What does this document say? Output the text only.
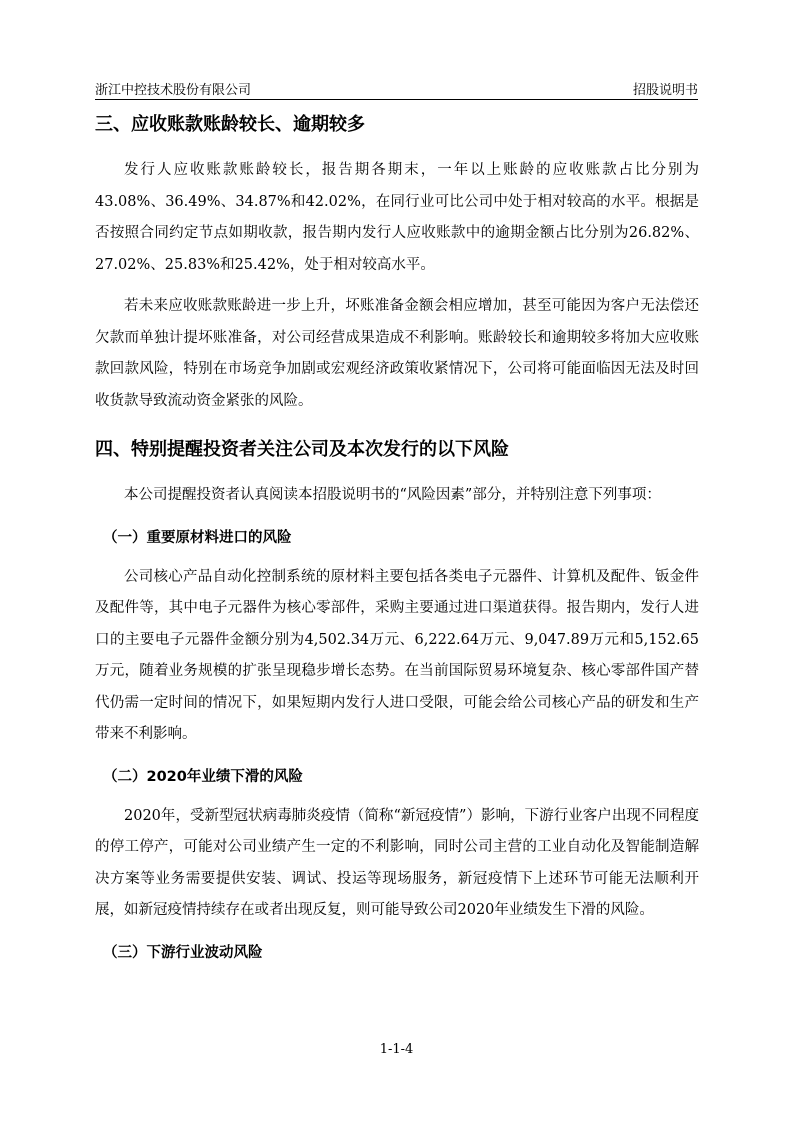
浙江中控技术股份有限公司	招股说明书
三、应收账款账龄较长、逾期较多

发行人应收账款账龄较长，报告期各期末，一年以上账龄的应收账款占比分别为43.08%、36.49%、34.87%和42.02%，在同行业可比公司中处于相对较高的水平。根据是否按照合同约定节点如期收款，报告期内发行人应收账款中的逾期金额占比分别为26.82%、27.02%、25.83%和25.42%，处于相对较高水平。

若未来应收账款账龄进一步上升，坏账准备金额会相应增加，甚至可能因为客户无法偿还欠款而单独计提坏账准备，对公司经营成果造成不利影响。账龄较长和逾期较多将加大应收账款回款风险，特别在市场竞争加剧或宏观经济政策收紧情况下，公司将可能面临因无法及时回收货款导致流动资金紧张的风险。

四、特别提醒投资者关注公司及本次发行的以下风险

本公司提醒投资者认真阅读本招股说明书的“风险因素”部分，并特别注意下列事项：

（一）重要原材料进口的风险

公司核心产品自动化控制系统的原材料主要包括各类电子元器件、计算机及配件、钣金件及配件等，其中电子元器件为核心零部件，采购主要通过进口渠道获得。报告期内，发行人进口的主要电子元器件金额分别为4,502.34万元、6,222.64万元、9,047.89万元和5,152.65万元，随着业务规模的扩张呈现稳步增长态势。在当前国际贸易环境复杂、核心零部件国产替代仍需一定时间的情况下，如果短期内发行人进口受限，可能会给公司核心产品的研发和生产带来不利影响。

（二）2020年业绩下滑的风险

2020年，受新型冠状病毒肺炎疫情（简称“新冠疫情”）影响，下游行业客户出现不同程度的停工停产，可能对公司业绩产生一定的不利影响，同时公司主营的工业自动化及智能制造解决方案等业务需要提供安装、调试、投运等现场服务，新冠疫情下上述环节可能无法顺利开展，如新冠疫情持续存在或者出现反复，则可能导致公司2020年业绩发生下滑的风险。

（三）下游行业波动风险
1-1-4
